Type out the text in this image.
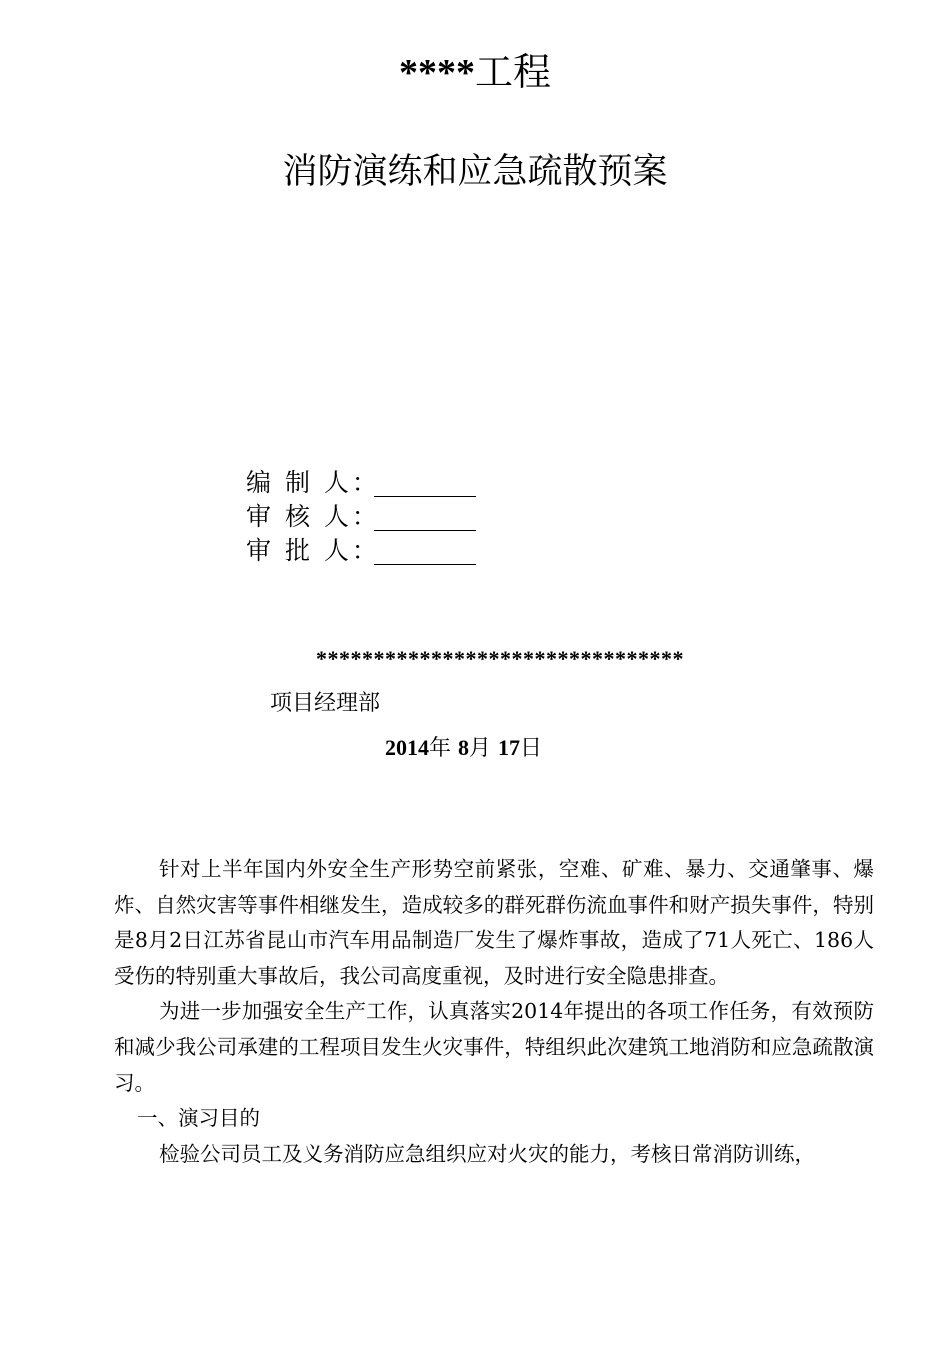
****工程
消防演练和应急疏散预案
编 制 人：
审 核 人：
审 批 人：
********************************
项目经理部
2014年 8月 17日

针对上半年国内外安全生产形势空前紧张，空难、矿难、暴力、交通肇事、爆炸、自然灾害等事件相继发生，造成较多的群死群伤流血事件和财产损失事件，特别是8月2日江苏省昆山市汽车用品制造厂发生了爆炸事故，造成了71人死亡、186人受伤的特别重大事故后，我公司高度重视，及时进行安全隐患排查。

为进一步加强安全生产工作，认真落实2014年提出的各项工作任务，有效预防和减少我公司承建的工程项目发生火灾事件，特组织此次建筑工地消防和应急疏散演习。

一、演习目的

检验公司员工及义务消防应急组织应对火灾的能力，考核日常消防训练，
